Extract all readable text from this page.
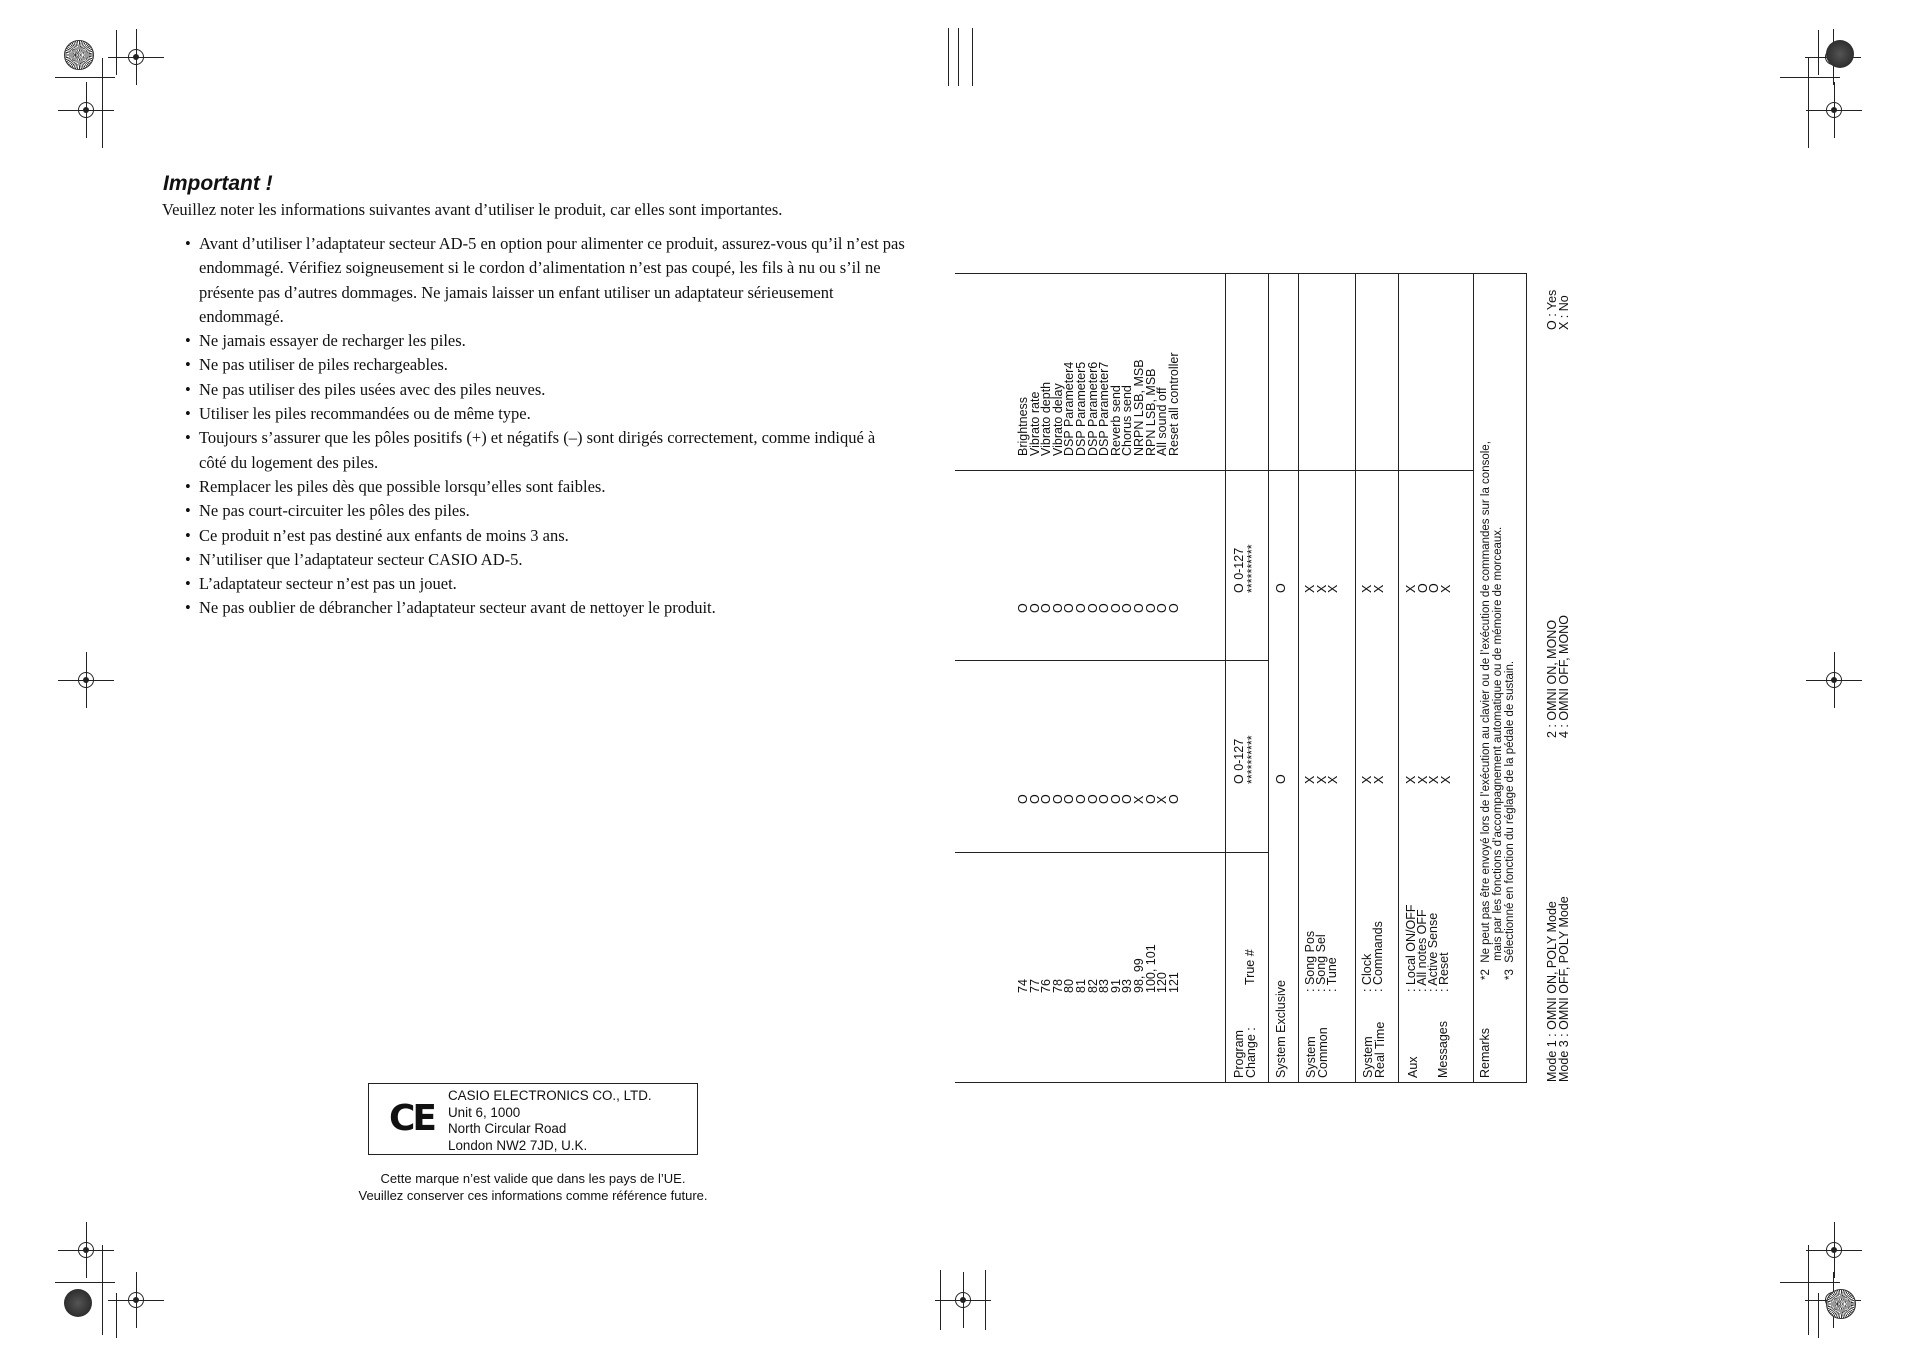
Important !
Veuillez noter les informations suivantes avant d’utiliser le produit, car elles sont importantes.
• Avant d’utiliser l’adaptateur secteur AD-5 en option pour alimenter ce produit, assurez-vous qu’il n’est pas endommagé. Vérifiez soigneusement si le cordon d’alimentation n’est pas coupé, les fils à nu ou s’il ne présente pas d’autres dommages. Ne jamais laisser un enfant utiliser un adaptateur sérieusement endommagé.
• Ne jamais essayer de recharger les piles.
• Ne pas utiliser de piles rechargeables.
• Ne pas utiliser des piles usées avec des piles neuves.
• Utiliser les piles recommandées ou de même type.
• Toujours s’assurer que les pôles positifs (+) et négatifs (–) sont dirigés correctement, comme indiqué à côté du logement des piles.
• Remplacer les piles dès que possible lorsqu’elles sont faibles.
• Ne pas court-circuiter les pôles des piles.
• Ce produit n’est pas destiné aux enfants de moins 3 ans.
• N’utiliser que l’adaptateur secteur CASIO AD-5.
• L’adaptateur secteur n’est pas un jouet.
• Ne pas oublier de débrancher l’adaptateur secteur avant de nettoyer le produit.
CE
CASIO ELECTRONICS CO., LTD.
Unit 6, 1000
North Circular Road
London NW2 7JD, U.K.
Cette marque n’est valide que dans les pays de l’UE.
Veuillez conserver ces informations comme référence future.
74
77
76
78
80
81
82
83
91
93
98, 99
100, 101
120
121
O
O
O
O
O
O
O
O
O
O
X
O
X
O
O
O
O
O
O
O
O
O
O
O
O
O
O
O
Brightness
Vibrato rate
Vibrato depth
Vibrato delay
DSP Parameter4
DSP Parameter5
DSP Parameter6
DSP Parameter7
Reverb send
Chorus send
NRPN LSB, MSB
RPN LSB, MSB
All sound off
Reset all controller
Program
Change :
True #
O 0-127
**********
O 0-127
**********
System Exclusive
O
O
System
Common
: Song Pos
: Song Sel
: Tune
X
X
X
X
X
X
System
Real Time
: Clock
: Commands
X
X
X
X
Aux

Messages
: Local ON/OFF
: All notes OFF
: Active Sense
: Reset
X
X
X
X
X
O
O
X
Remarks
*2  Ne peut pas être envoyé lors de l’exécution au clavier ou de l’exécution de commandes sur la console,
mais par les fonctions d’accompagnement automatique ou de mémoire de morceaux.
*3  Sélectionné en fonction du réglage de la pédale de sustain.
Mode 1 : OMNI ON, POLY Mode
Mode 3 : OMNI OFF, POLY Mode
2 : OMNI ON, MONO
4 : OMNI OFF, MONO
O : Yes
X : No
